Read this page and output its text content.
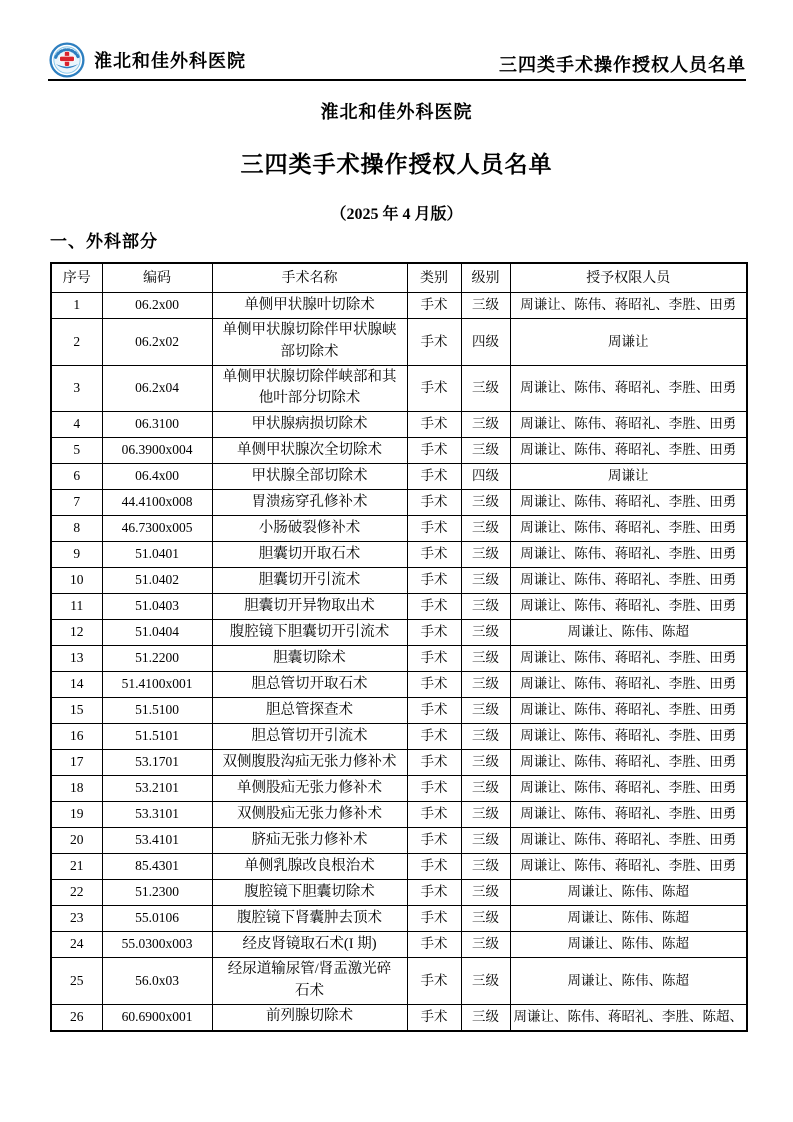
淮北和佳外科医院	三四类手术操作授权人员名单
淮北和佳外科医院
三四类手术操作授权人员名单
（2025 年 4 月版）
一、外科部分
序号	编码	手术名称	类别	级别	授予权限人员
1	06.2x00	单侧甲状腺叶切除术	手术	三级	周谦让、陈伟、蒋昭礼、李胜、田勇
2	06.2x02	单侧甲状腺切除伴甲状腺峡部切除术	手术	四级	周谦让
3	06.2x04	单侧甲状腺切除伴峡部和其他叶部分切除术	手术	三级	周谦让、陈伟、蒋昭礼、李胜、田勇
4	06.3100	甲状腺病损切除术	手术	三级	周谦让、陈伟、蒋昭礼、李胜、田勇
5	06.3900x004	单侧甲状腺次全切除术	手术	三级	周谦让、陈伟、蒋昭礼、李胜、田勇
6	06.4x00	甲状腺全部切除术	手术	四级	周谦让
7	44.4100x008	胃溃疡穿孔修补术	手术	三级	周谦让、陈伟、蒋昭礼、李胜、田勇
8	46.7300x005	小肠破裂修补术	手术	三级	周谦让、陈伟、蒋昭礼、李胜、田勇
9	51.0401	胆囊切开取石术	手术	三级	周谦让、陈伟、蒋昭礼、李胜、田勇
10	51.0402	胆囊切开引流术	手术	三级	周谦让、陈伟、蒋昭礼、李胜、田勇
11	51.0403	胆囊切开异物取出术	手术	三级	周谦让、陈伟、蒋昭礼、李胜、田勇
12	51.0404	腹腔镜下胆囊切开引流术	手术	三级	周谦让、陈伟、陈超
13	51.2200	胆囊切除术	手术	三级	周谦让、陈伟、蒋昭礼、李胜、田勇
14	51.4100x001	胆总管切开取石术	手术	三级	周谦让、陈伟、蒋昭礼、李胜、田勇
15	51.5100	胆总管探查术	手术	三级	周谦让、陈伟、蒋昭礼、李胜、田勇
16	51.5101	胆总管切开引流术	手术	三级	周谦让、陈伟、蒋昭礼、李胜、田勇
17	53.1701	双侧腹股沟疝无张力修补术	手术	三级	周谦让、陈伟、蒋昭礼、李胜、田勇
18	53.2101	单侧股疝无张力修补术	手术	三级	周谦让、陈伟、蒋昭礼、李胜、田勇
19	53.3101	双侧股疝无张力修补术	手术	三级	周谦让、陈伟、蒋昭礼、李胜、田勇
20	53.4101	脐疝无张力修补术	手术	三级	周谦让、陈伟、蒋昭礼、李胜、田勇
21	85.4301	单侧乳腺改良根治术	手术	三级	周谦让、陈伟、蒋昭礼、李胜、田勇
22	51.2300	腹腔镜下胆囊切除术	手术	三级	周谦让、陈伟、陈超
23	55.0106	腹腔镜下肾囊肿去顶术	手术	三级	周谦让、陈伟、陈超
24	55.0300x003	经皮肾镜取石术(I 期)	手术	三级	周谦让、陈伟、陈超
25	56.0x03	经尿道输尿管/肾盂激光碎石术	手术	三级	周谦让、陈伟、陈超
26	60.6900x001	前列腺切除术	手术	三级	周谦让、陈伟、蒋昭礼、李胜、陈超、
